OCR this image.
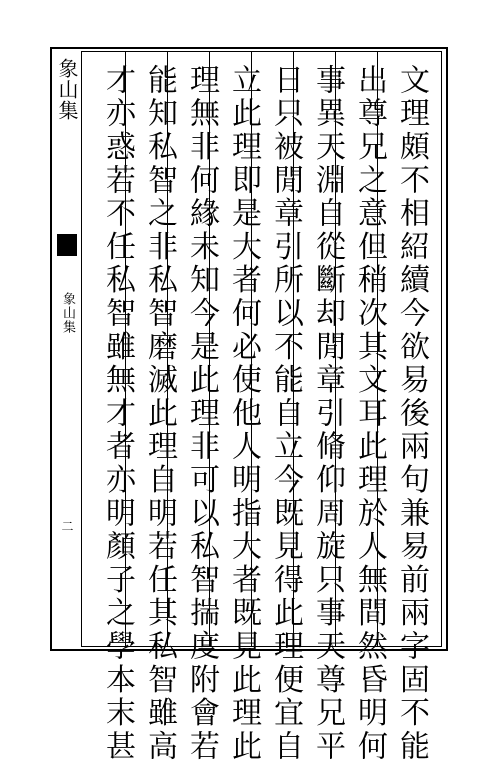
象山集
象山集
二	文理頗不相紹續今欲易後兩句兼易前兩字固不能
出尊兄之意但稍次其文耳此理於人無間然昏明何
事異天淵自從斷却閒章引脩仰周旋只事天尊兄平
日只被閒章引所以不能自立今既見得此理便宜自
立此理即是大者何必使他人明指大者既見此理此
理無非何緣未知今是此理非可以私智揣度附會若
能知私智之非私智磨滅此理自明若任其私智雖高
才亦惑若不任私智雖無才者亦明顏子之學本末甚
